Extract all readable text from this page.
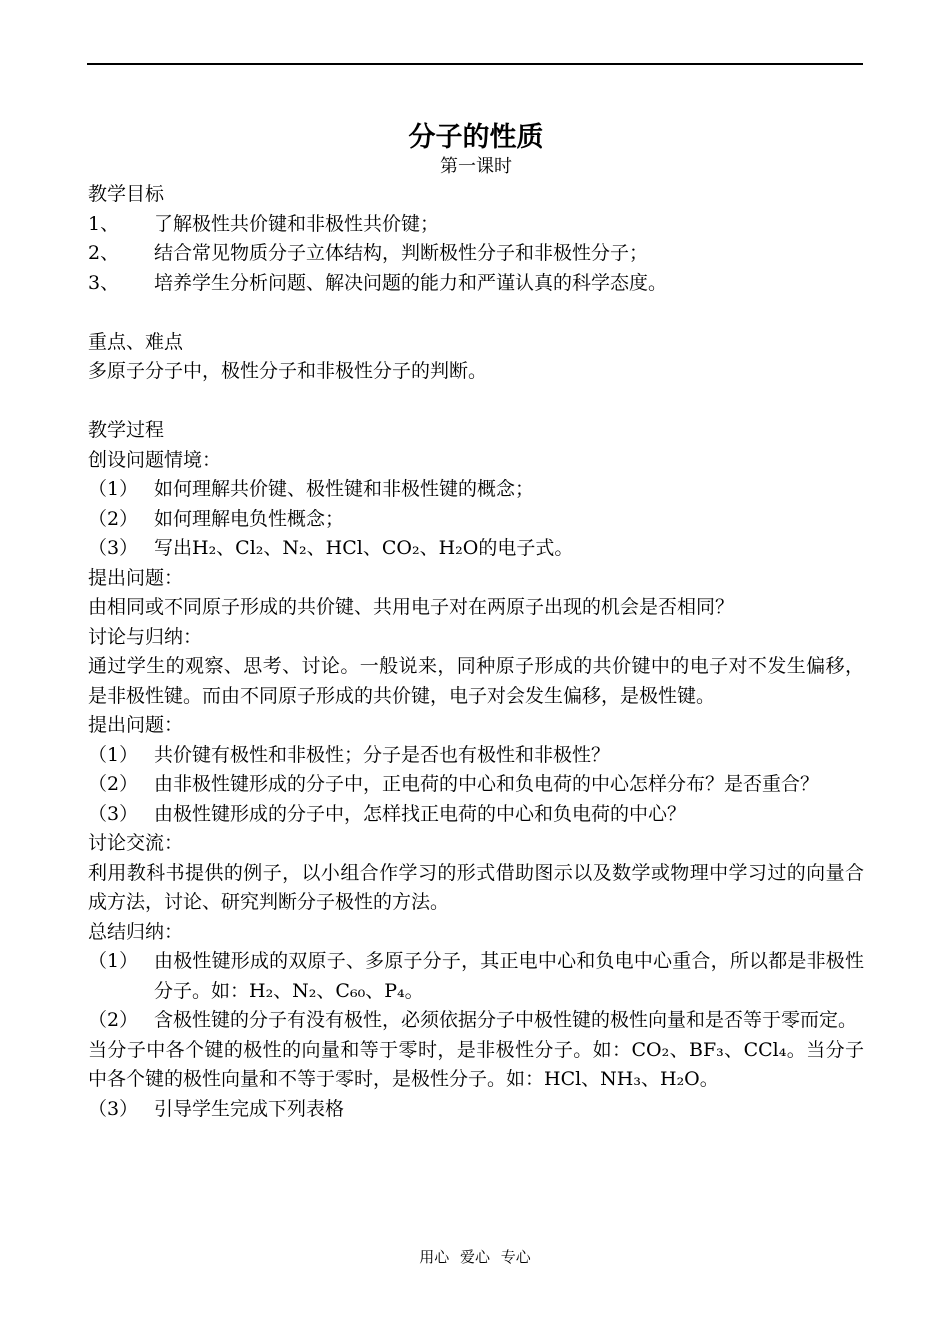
分子的性质
第一课时
教学目标
1、 了解极性共价键和非极性共价键；
2、 结合常见物质分子立体结构，判断极性分子和非极性分子；
3、 培养学生分析问题、解决问题的能力和严谨认真的科学态度。
重点、难点
多原子分子中，极性分子和非极性分子的判断。
教学过程
创设问题情境：
（1） 如何理解共价键、极性键和非极性键的概念；
（2） 如何理解电负性概念；
（3） 写出H₂、Cl₂、N₂、HCl、CO₂、H₂O的电子式。
提出问题：
由相同或不同原子形成的共价键、共用电子对在两原子出现的机会是否相同？
讨论与归纳：
通过学生的观察、思考、讨论。一般说来，同种原子形成的共价键中的电子对不发生偏移，是非极性键。而由不同原子形成的共价键，电子对会发生偏移，是极性键。
提出问题：
（1） 共价键有极性和非极性；分子是否也有极性和非极性？
（2） 由非极性键形成的分子中，正电荷的中心和负电荷的中心怎样分布？是否重合？
（3） 由极性键形成的分子中，怎样找正电荷的中心和负电荷的中心？
讨论交流：
利用教科书提供的例子，以小组合作学习的形式借助图示以及数学或物理中学习过的向量合成方法，讨论、研究判断分子极性的方法。
总结归纳：
（1） 由极性键形成的双原子、多原子分子，其正电中心和负电中心重合，所以都是非极性分子。如：H₂、N₂、C₆₀、P₄。
（2） 含极性键的分子有没有极性，必须依据分子中极性键的极性向量和是否等于零而定。
当分子中各个键的极性的向量和等于零时，是非极性分子。如：CO₂、BF₃、CCl₄。当分子中各个键的极性向量和不等于零时，是极性分子。如：HCl、NH₃、H₂O。
（3） 引导学生完成下列表格
用心 爱心 专心
